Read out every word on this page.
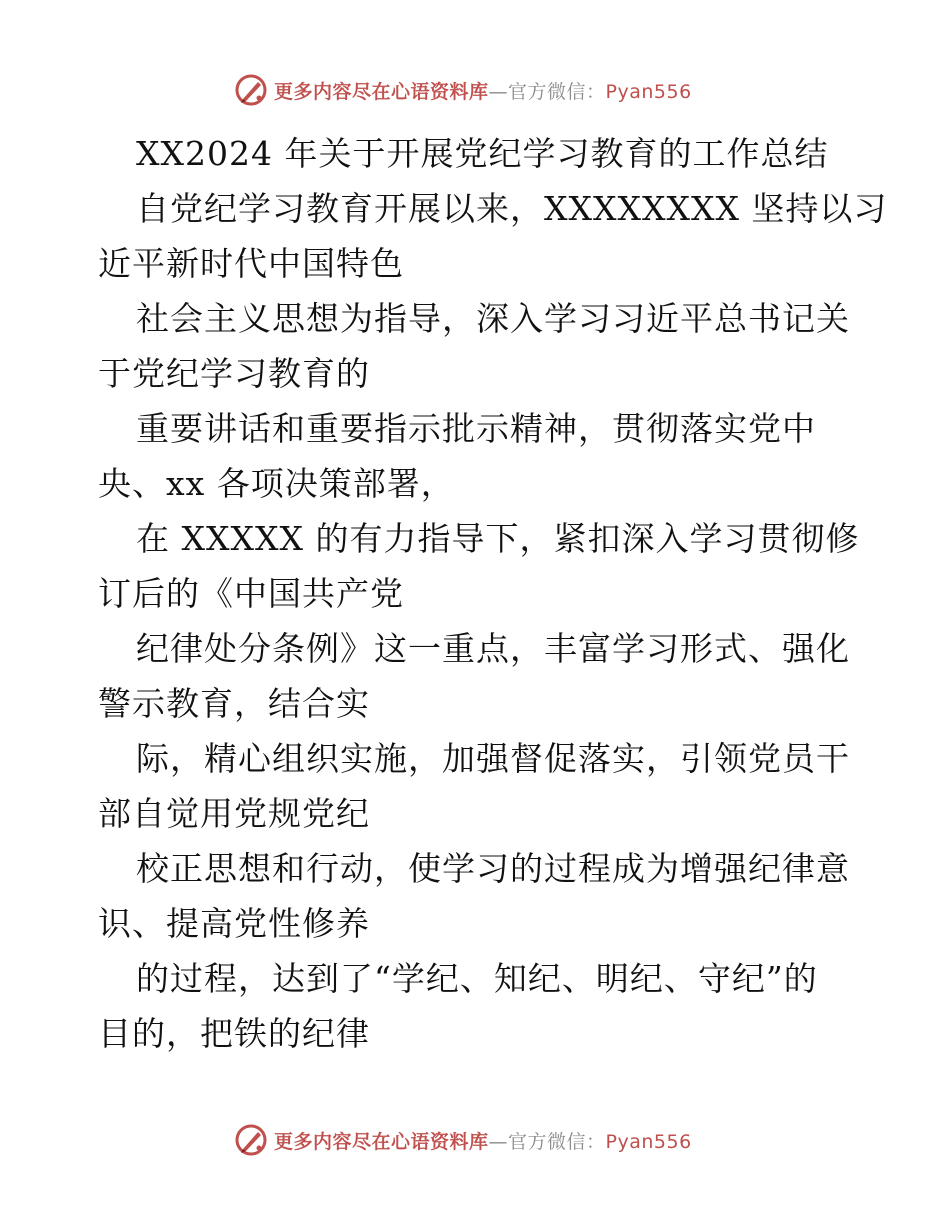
更多内容尽在心语资料库—官方微信：Pyan556
XX2024 年关于开展党纪学习教育的工作总结
自党纪学习教育开展以来，XXXXXXXX 坚持以习
近平新时代中国特色
社会主义思想为指导，深入学习习近平总书记关
于党纪学习教育的
重要讲话和重要指示批示精神，贯彻落实党中
央、xx 各项决策部署，
在 XXXXX 的有力指导下，紧扣深入学习贯彻修
订后的《中国共产党
纪律处分条例》这一重点，丰富学习形式、强化
警示教育，结合实
际，精心组织实施，加强督促落实，引领党员干
部自觉用党规党纪
校正思想和行动，使学习的过程成为增强纪律意
识、提高党性修养
的过程，达到了“学纪、知纪、明纪、守纪”的
目的，把铁的纪律
更多内容尽在心语资料库—官方微信：Pyan556
